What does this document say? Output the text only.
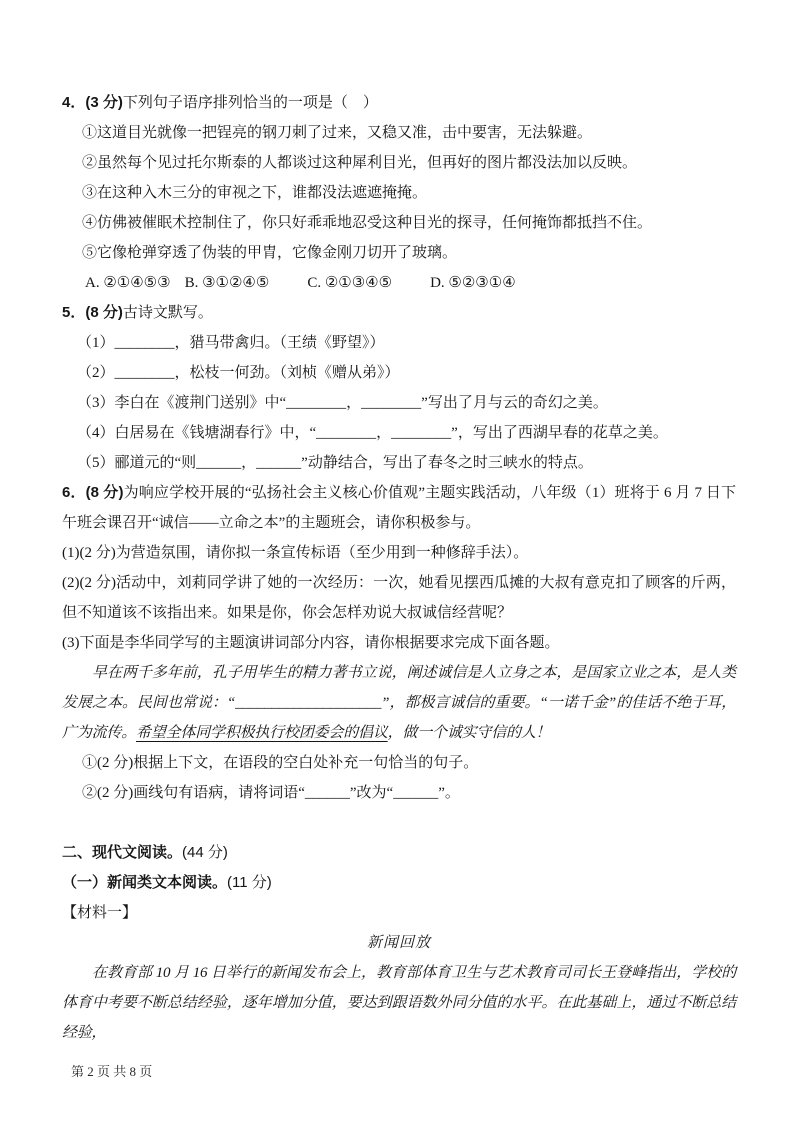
4．(3 分)下列句子语序排列恰当的一项是（　）

①这道目光就像一把锃亮的钢刀刺了过来，又稳又准，击中要害，无法躲避。

②虽然每个见过托尔斯泰的人都谈过这种犀利目光，但再好的图片都没法加以反映。

③在这种入木三分的审视之下，谁都没法遮遮掩掩。

④仿佛被催眠术控制住了，你只好乖乖地忍受这种目光的探寻，任何掩饰都抵挡不住。

⑤它像枪弹穿透了伪装的甲胄，它像金刚刀切开了玻璃。

A. ②①④⑤③ B. ③①②④⑤	C. ②①③④⑤	D. ⑤②③①④

5．(8 分)古诗文默写。

（1）________，猎马带禽归。（王绩《野望》）

（2）________，松枝一何劲。（刘桢《赠从弟》）

（3）李白在《渡荆门送别》中“________，________”写出了月与云的奇幻之美。

（4）白居易在《钱塘湖春行》中，“________，________”，写出了西湖早春的花草之美。

（5）郦道元的“则______，______”动静结合，写出了春冬之时三峡水的特点。

6．(8 分)为响应学校开展的“弘扬社会主义核心价值观”主题实践活动，八年级（1）班将于 6 月 7 日下午班会课召开“诚信——立命之本”的主题班会，请你积极参与。

(1)(2 分)为营造氛围，请你拟一条宣传标语（至少用到一种修辞手法）。

(2)(2 分)活动中，刘莉同学讲了她的一次经历：一次，她看见摆西瓜摊的大叔有意克扣了顾客的斤两，但不知道该不该指出来。如果是你，你会怎样劝说大叔诚信经营呢？

(3)下面是李华同学写的主题演讲词部分内容，请你根据要求完成下面各题。

早在两千多年前，孔子用毕生的精力著书立说，阐述诚信是人立身之本，是国家立业之本，是人类发展之本。民间也常说：“____________________”，都极言诚信的重要。“一诺千金”的佳话不绝于耳，广为流传。希望全体同学积极执行校团委会的倡议，做一个诚实守信的人！

①(2 分)根据上下文，在语段的空白处补充一句恰当的句子。

②(2 分)画线句有语病，请将词语“______”改为“______”。

二、现代文阅读。(44 分)

（一）新闻类文本阅读。(11 分)

【材料一】

新闻回放

在教育部 10 月 16 日举行的新闻发布会上，教育部体育卫生与艺术教育司司长王登峰指出，学校的体育中考要不断总结经验，逐年增加分值，要达到跟语数外同分值的水平。在此基础上，通过不断总结经验，

第 2 页 共 8 页
